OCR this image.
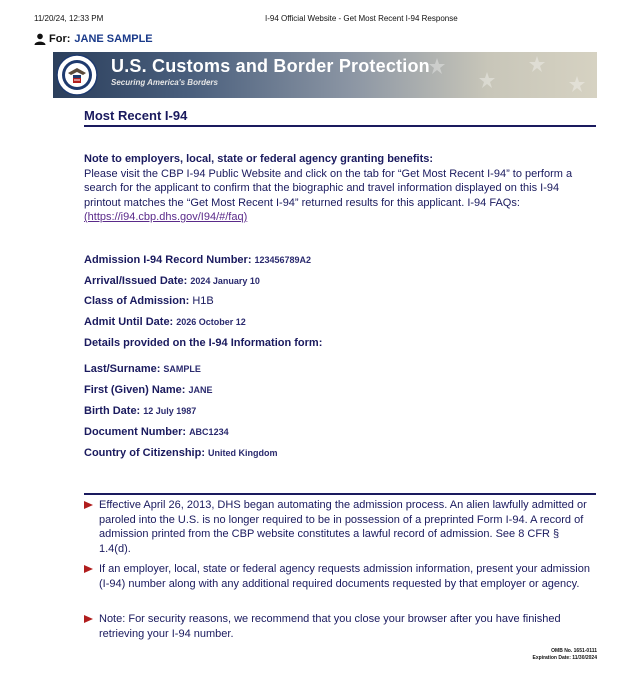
11/20/24, 12:33 PM	I-94 Official Website - Get Most Recent I-94 Response
For: JANE SAMPLE
U.S. Customs and Border Protection
Securing America's Borders
Most Recent I-94
Note to employers, local, state or federal agency granting benefits:
Please visit the CBP I-94 Public Website and click on the tab for “Get Most Recent I-94” to perform a search for the applicant to confirm that the biographic and travel information displayed on this I-94 printout matches the “Get Most Recent I-94” returned results for this applicant. I-94 FAQs: (https://i94.cbp.dhs.gov/I94/#/faq)
Admission I-94 Record Number: 123456789A2
Arrival/Issued Date: 2024 January 10
Class of Admission: H1B
Admit Until Date: 2026 October 12
Details provided on the I-94 Information form:
Last/Surname: SAMPLE
First (Given) Name: JANE
Birth Date: 12 July 1987
Document Number: ABC1234
Country of Citizenship: United Kingdom
Effective April 26, 2013, DHS began automating the admission process. An alien lawfully admitted or paroled into the U.S. is no longer required to be in possession of a preprinted Form I-94. A record of admission printed from the CBP website constitutes a lawful record of admission. See 8 CFR § 1.4(d).
If an employer, local, state or federal agency requests admission information, present your admission (I-94) number along with any additional required documents requested by that employer or agency.
Note: For security reasons, we recommend that you close your browser after you have finished retrieving your I-94 number.
OMB No. 1651-0111
Expiration Date: 11/30/2024
